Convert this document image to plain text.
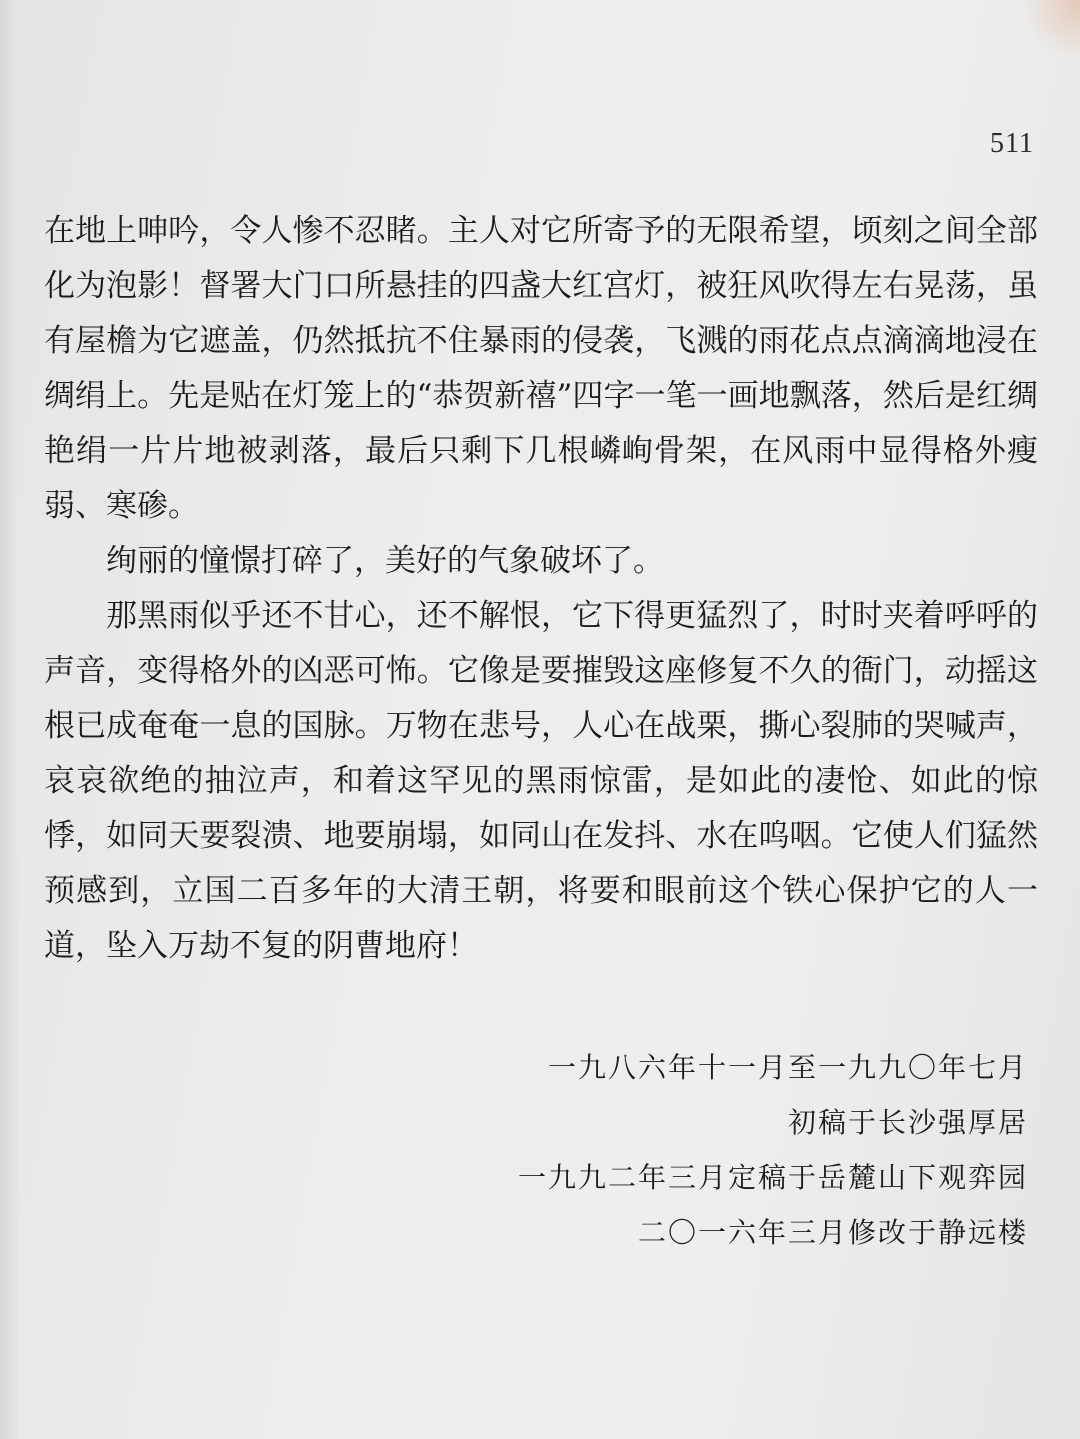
511

在地上呻吟，令人惨不忍睹。主人对它所寄予的无限希望，顷刻之间全部化为泡影！督署大门口所悬挂的四盏大红宫灯，被狂风吹得左右晃荡，虽有屋檐为它遮盖，仍然抵抗不住暴雨的侵袭，飞溅的雨花点点滴滴地浸在绸绢上。先是贴在灯笼上的“恭贺新禧”四字一笔一画地飘落，然后是红绸艳绢一片片地被剥落，最后只剩下几根嶙峋骨架，在风雨中显得格外瘦弱、寒碜。

绚丽的憧憬打碎了，美好的气象破坏了。

那黑雨似乎还不甘心，还不解恨，它下得更猛烈了，时时夹着呼呼的声音，变得格外的凶恶可怖。它像是要摧毁这座修复不久的衙门，动摇这根已成奄奄一息的国脉。万物在悲号，人心在战栗，撕心裂肺的哭喊声，哀哀欲绝的抽泣声，和着这罕见的黑雨惊雷，是如此的凄怆、如此的惊悸，如同天要裂溃、地要崩塌，如同山在发抖、水在呜咽。它使人们猛然预感到，立国二百多年的大清王朝，将要和眼前这个铁心保护它的人一道，坠入万劫不复的阴曹地府！

一九八六年十一月至一九九〇年七月
初稿于长沙强厚居
一九九二年三月定稿于岳麓山下观弈园
二〇一六年三月修改于静远楼
